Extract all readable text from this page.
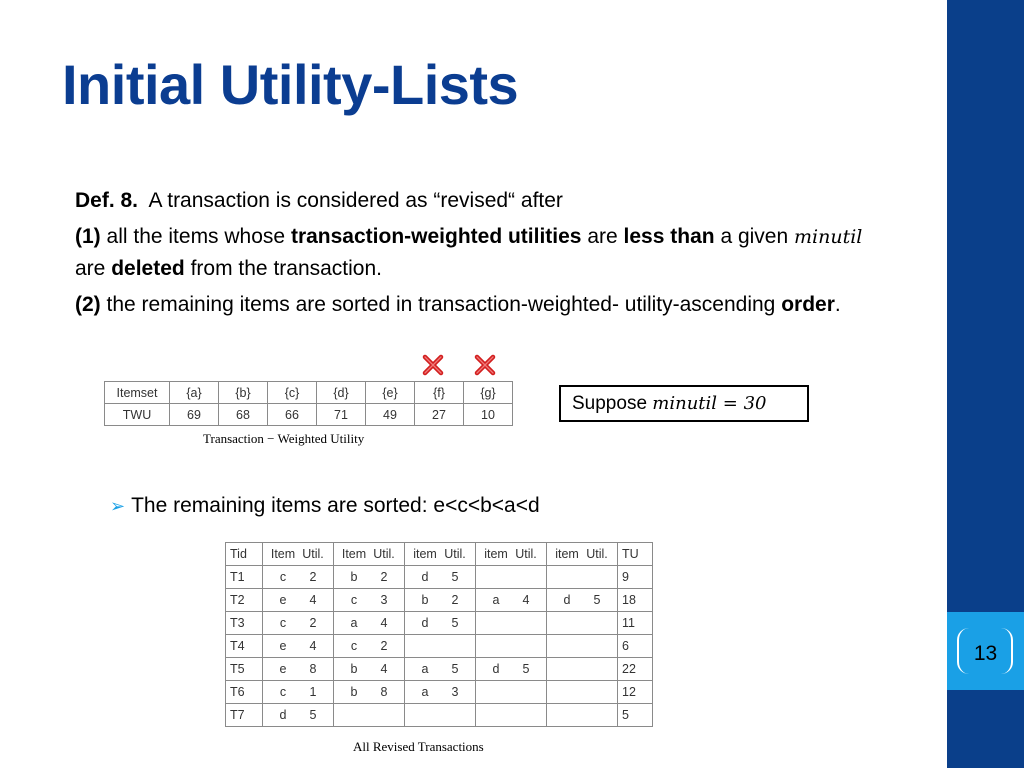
Initial Utility-Lists
13

Def. 8. A transaction is considered as “revised“ after

(1) all the items whose transaction-weighted utilities are less than a given minutil are deleted from the transaction.

(2) the remaining items are sorted in transaction-weighted- utility-ascending order.

Itemset	{a}	{b}	{c}	{d}	{e}	{f}	{g}
TWU	69	68	66	71	49	27	10
Transaction − Weighted Utility
Suppose minutil = 30
➢ The remaining items are sorted: e<c<b<a<d
Tid	Item Util.	Item Util.	item Util.	item Util.	item Util.	TU
T1	c 2	b 2	d 5			9
T2	e 4	c 3	b 2	a 4	d 5	18
T3	c 2	a 4	d 5			11
T4	e 4	c 2				6
T5	e 8	b 4	a 5	d 5		22
T6	c 1	b 8	a 3			12
T7	d 5					5
All Revised Transactions
